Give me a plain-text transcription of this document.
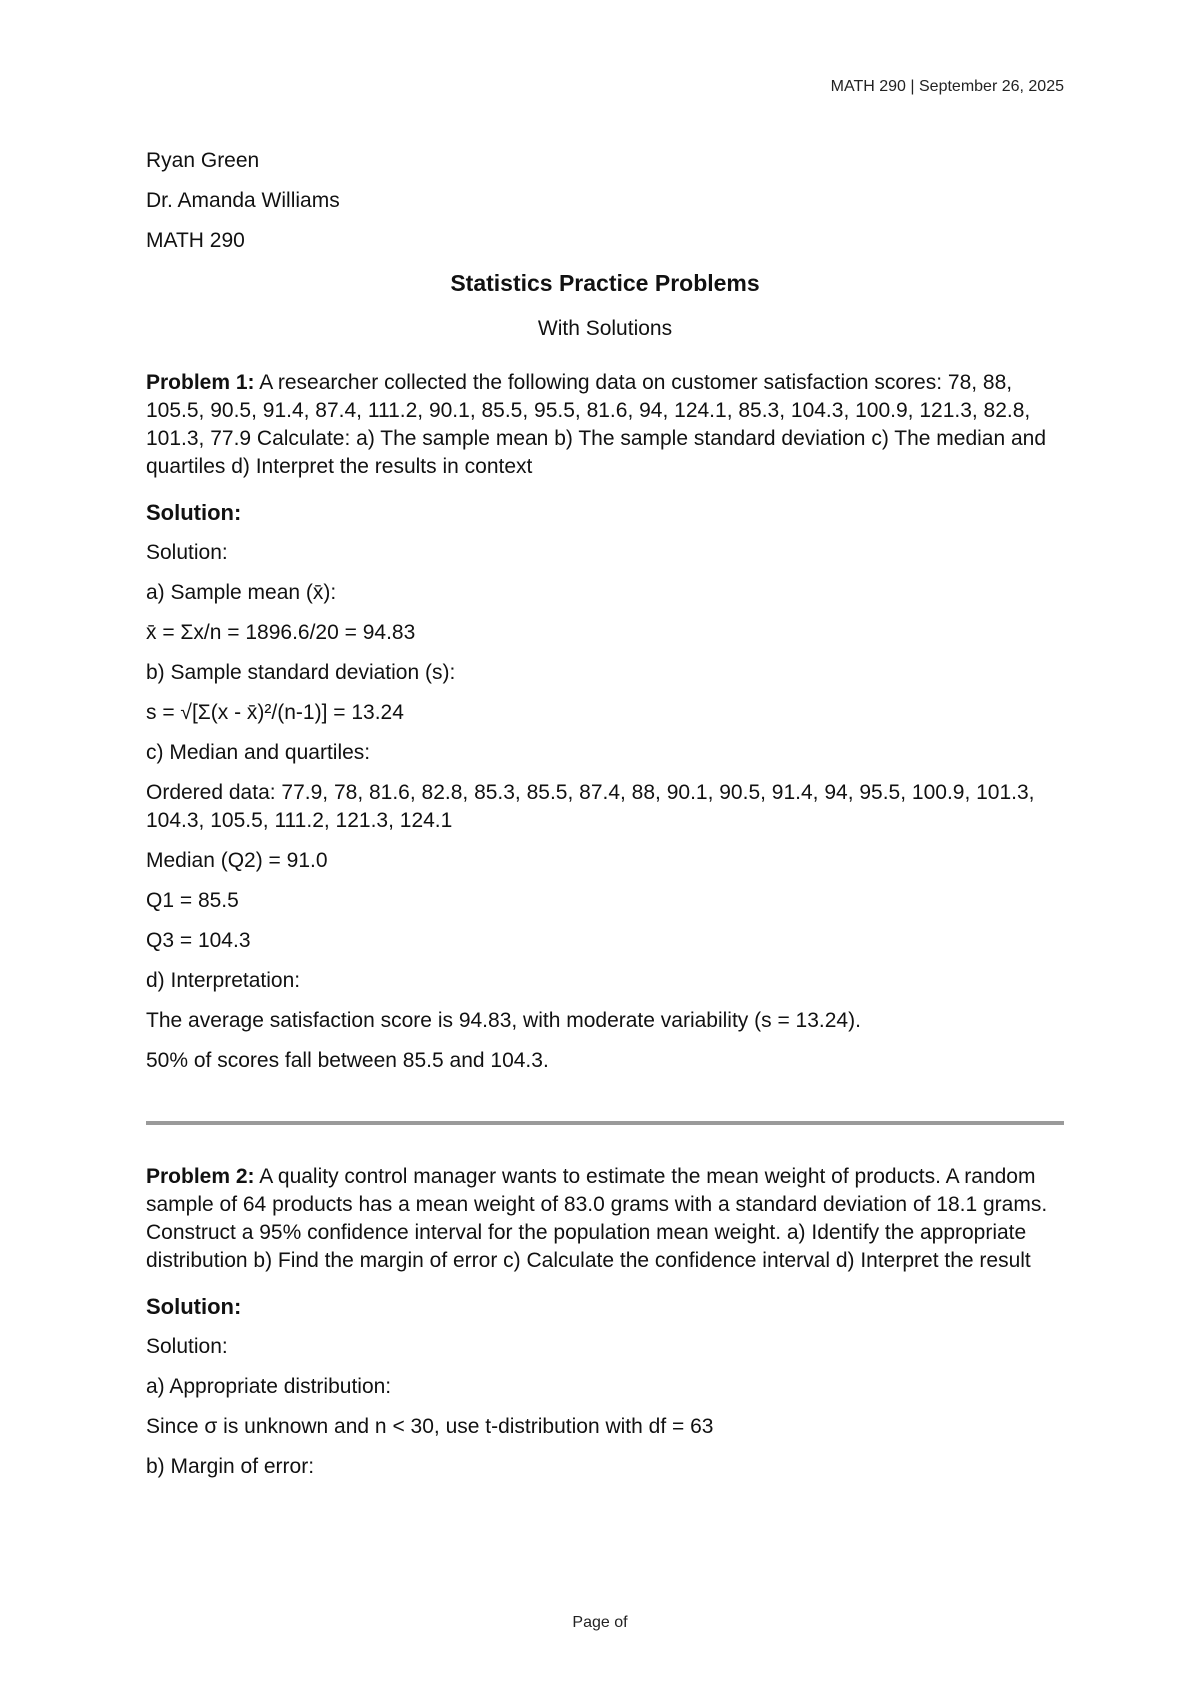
MATH 290 | September 26, 2025

Ryan Green

Dr. Amanda Williams

MATH 290

Statistics Practice Problems

With Solutions

Problem 1: A researcher collected the following data on customer satisfaction scores: 78, 88, 105.5, 90.5, 91.4, 87.4, 111.2, 90.1, 85.5, 95.5, 81.6, 94, 124.1, 85.3, 104.3, 100.9, 121.3, 82.8, 101.3, 77.9 Calculate: a) The sample mean b) The sample standard deviation c) The median and quartiles d) Interpret the results in context

Solution:

Solution:

a) Sample mean (x̄):

x̄ = Σx/n = 1896.6/20 = 94.83

b) Sample standard deviation (s):

s = √[Σ(x - x̄)²/(n-1)] = 13.24

c) Median and quartiles:

Ordered data: 77.9, 78, 81.6, 82.8, 85.3, 85.5, 87.4, 88, 90.1, 90.5, 91.4, 94, 95.5, 100.9, 101.3, 104.3, 105.5, 111.2, 121.3, 124.1

Median (Q2) = 91.0

Q1 = 85.5

Q3 = 104.3

d) Interpretation:

The average satisfaction score is 94.83, with moderate variability (s = 13.24).

50% of scores fall between 85.5 and 104.3.

Problem 2: A quality control manager wants to estimate the mean weight of products. A random sample of 64 products has a mean weight of 83.0 grams with a standard deviation of 18.1 grams. Construct a 95% confidence interval for the population mean weight. a) Identify the appropriate distribution b) Find the margin of error c) Calculate the confidence interval d) Interpret the result

Solution:

Solution:

a) Appropriate distribution:

Since σ is unknown and n < 30, use t-distribution with df = 63

b) Margin of error:

Page of
